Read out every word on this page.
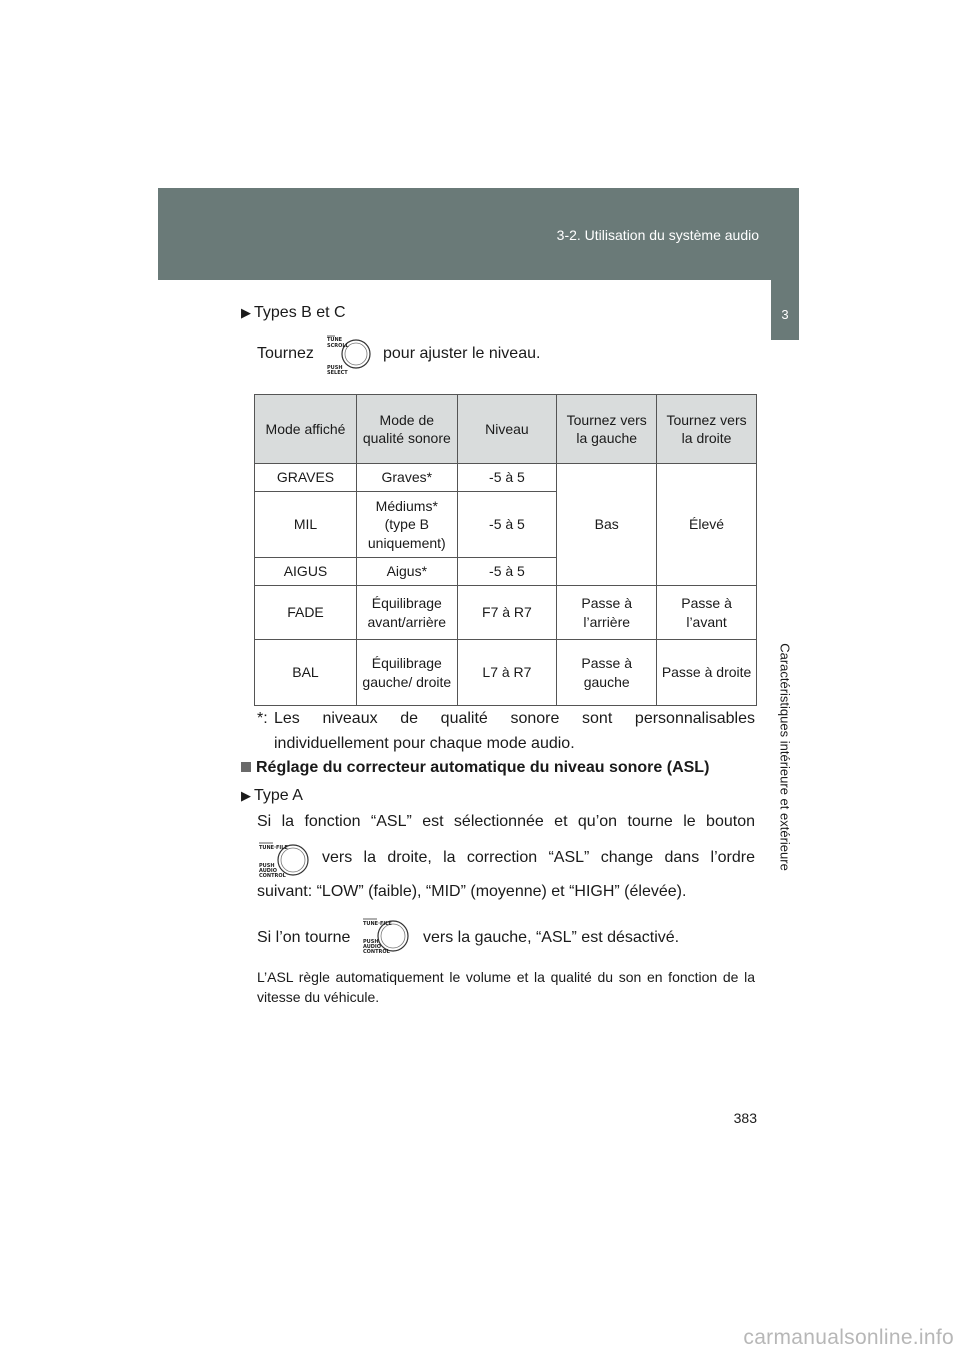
3-2. Utilisation du système audio
3
Caractéristiques intérieure et extérieure
▶ Types B et C
Tournez
TUNE
SCROLL
PUSH
SELECT
pour ajuster le niveau.
Mode affiché	Mode de qualité sonore	Niveau	Tournez vers la gauche	Tournez vers la droite
GRAVES	Graves*	-5 à 5	Bas	Élevé
MIL	Médiums* (type B uniquement)	-5 à 5		
AIGUS	Aigus*	-5 à 5		
FADE	Équilibrage avant/arrière	F7 à R7	Passe à l’arrière	Passe à l’avant
BAL	Équilibrage gauche/ droite	L7 à R7	Passe à gauche	Passe à droite
*: Les niveaux de qualité sonore sont personnalisables individuellement pour chaque mode audio.
Réglage du correcteur automatique du niveau sonore (ASL)
▶ Type A
Si la fonction “ASL” est sélectionnée et qu’on tourne le bouton
TUNE·FILE
PUSH
AUDIO
CONTROL
vers la droite, la correction “ASL” change dans l’ordre
suivant: “LOW” (faible), “MID” (moyenne) et “HIGH” (élevée).
Si l’on tourne
TUNE·FILE
PUSH
AUDIO
CONTROL
vers la gauche, “ASL” est désactivé.
L’ASL règle automatiquement le volume et la qualité du son en fonction de la vitesse du véhicule.
383
carmanualsonline.info
